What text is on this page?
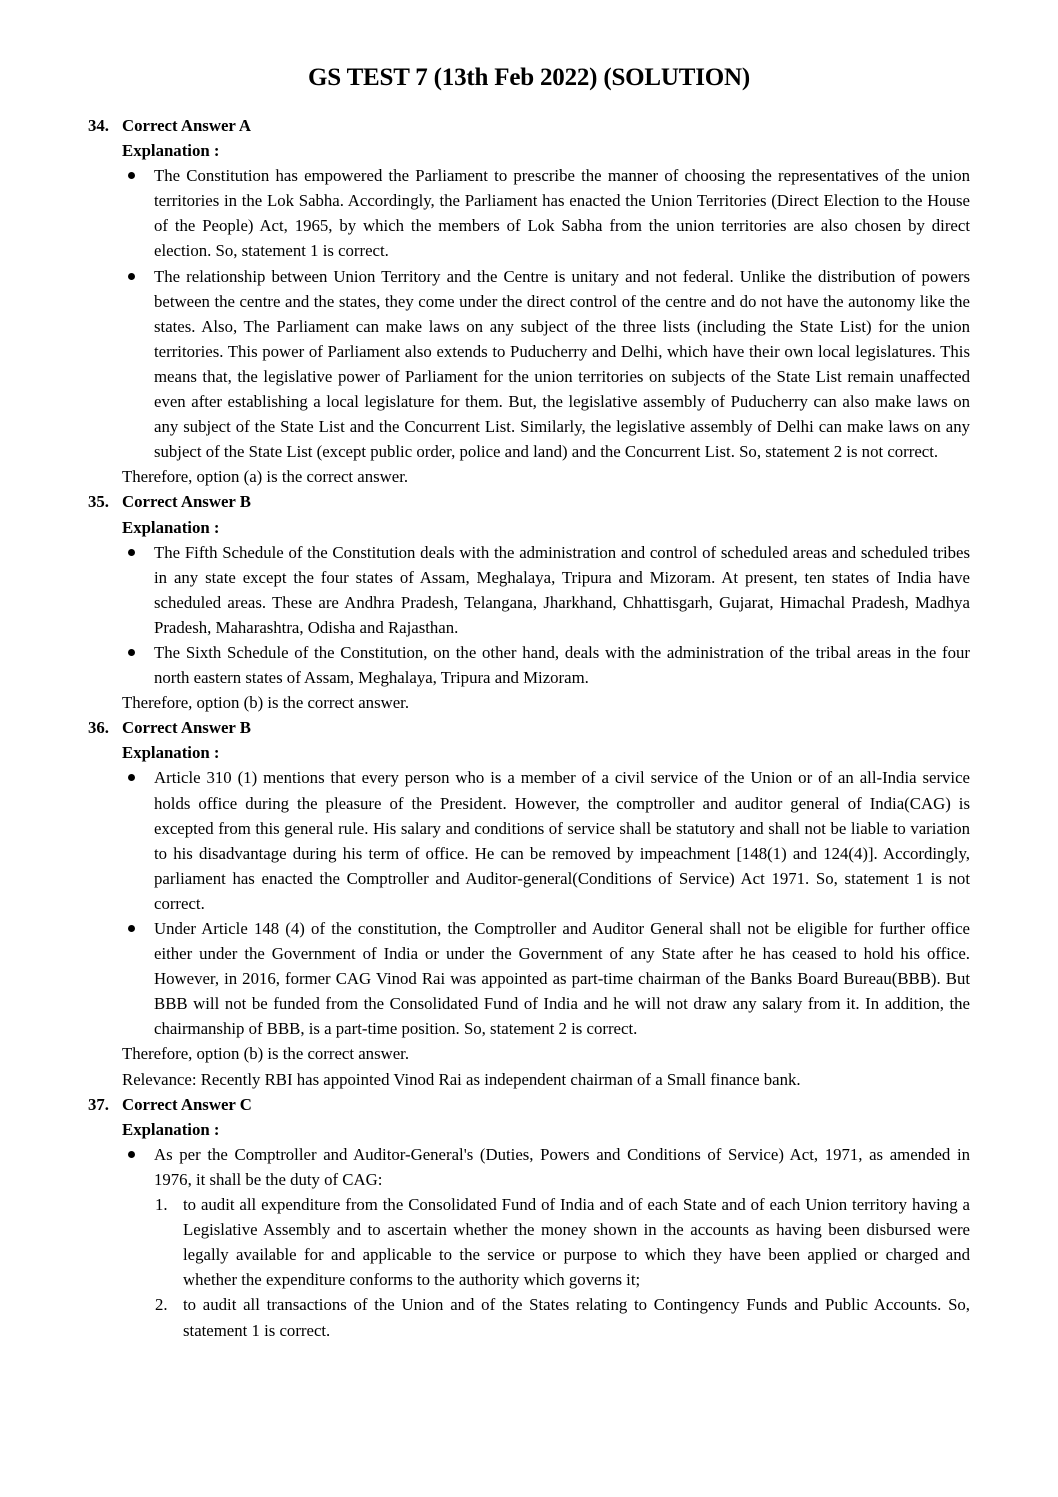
GS TEST 7 (13th Feb 2022) (SOLUTION)
34. Correct Answer A
Explanation :
The Constitution has empowered the Parliament to prescribe the manner of choosing the representatives of the union territories in the Lok Sabha. Accordingly, the Parliament has enacted the Union Territories (Direct Election to the House of the People) Act, 1965, by which the members of Lok Sabha from the union territories are also chosen by direct election. So, statement 1 is correct.
The relationship between Union Territory and the Centre is unitary and not federal. Unlike the distribution of powers between the centre and the states, they come under the direct control of the centre and do not have the autonomy like the states. Also, The Parliament can make laws on any subject of the three lists (including the State List) for the union territories. This power of Parliament also extends to Puducherry and Delhi, which have their own local legislatures. This means that, the legislative power of Parliament for the union territories on subjects of the State List remain unaffected even after establishing a local legislature for them. But, the legislative assembly of Puducherry can also make laws on any subject of the State List and the Concurrent List. Similarly, the legislative assembly of Delhi can make laws on any subject of the State List (except public order, police and land) and the Concurrent List. So, statement 2 is not correct.
Therefore, option (a) is the correct answer.
35. Correct Answer B
Explanation :
The Fifth Schedule of the Constitution deals with the administration and control of scheduled areas and scheduled tribes in any state except the four states of Assam, Meghalaya, Tripura and Mizoram. At present, ten states of India have scheduled areas. These are Andhra Pradesh, Telangana, Jharkhand, Chhattisgarh, Gujarat, Himachal Pradesh, Madhya Pradesh, Maharashtra, Odisha and Rajasthan.
The Sixth Schedule of the Constitution, on the other hand, deals with the administration of the tribal areas in the four north eastern states of Assam, Meghalaya, Tripura and Mizoram.
Therefore, option (b) is the correct answer.
36. Correct Answer B
Explanation :
Article 310 (1) mentions that every person who is a member of a civil service of the Union or of an all-India service holds office during the pleasure of the President. However, the comptroller and auditor general of India(CAG) is excepted from this general rule. His salary and conditions of service shall be statutory and shall not be liable to variation to his disadvantage during his term of office. He can be removed by impeachment [148(1) and 124(4)]. Accordingly, parliament has enacted the Comptroller and Auditor-general(Conditions of Service) Act 1971. So, statement 1 is not correct.
Under Article 148 (4) of the constitution, the Comptroller and Auditor General shall not be eligible for further office either under the Government of India or under the Government of any State after he has ceased to hold his office. However, in 2016, former CAG Vinod Rai was appointed as part-time chairman of the Banks Board Bureau(BBB). But BBB will not be funded from the Consolidated Fund of India and he will not draw any salary from it. In addition, the chairmanship of BBB, is a part-time position. So, statement 2 is correct.
Therefore, option (b) is the correct answer.
Relevance: Recently RBI has appointed Vinod Rai as independent chairman of a Small finance bank.
37. Correct Answer C
Explanation :
As per the Comptroller and Auditor-General's (Duties, Powers and Conditions of Service) Act, 1971, as amended in 1976, it shall be the duty of CAG:
1. to audit all expenditure from the Consolidated Fund of India and of each State and of each Union territory having a Legislative Assembly and to ascertain whether the money shown in the accounts as having been disbursed were legally available for and applicable to the service or purpose to which they have been applied or charged and whether the expenditure conforms to the authority which governs it;
2. to audit all transactions of the Union and of the States relating to Contingency Funds and Public Accounts. So, statement 1 is correct.
